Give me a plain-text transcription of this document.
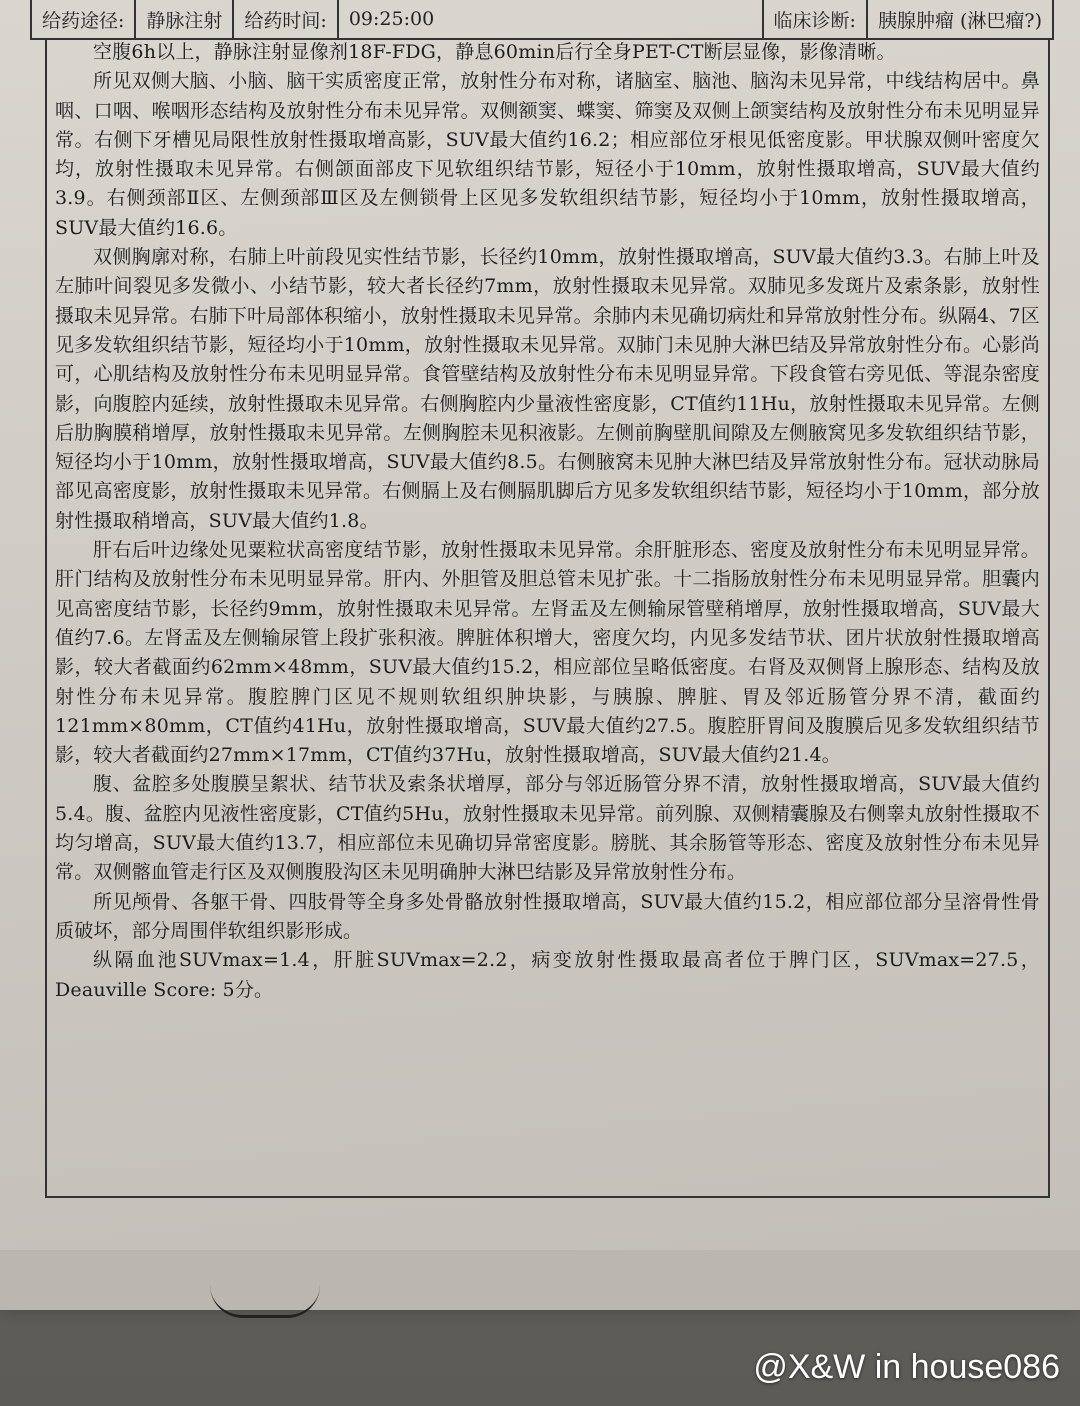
给药途径:	静脉注射	给药时间:	09:25:00	临床诊断:	胰腺肿瘤 (淋巴瘤?)

空腹6h以上，静脉注射显像剂18F-FDG，静息60min后行全身PET-CT断层显像，影像清晰。

所见双侧大脑、小脑、脑干实质密度正常，放射性分布对称，诸脑室、脑池、脑沟未见异常，中线结构居中。鼻咽、口咽、喉咽形态结构及放射性分布未见异常。双侧额窦、蝶窦、筛窦及双侧上颌窦结构及放射性分布未见明显异常。右侧下牙槽见局限性放射性摄取增高影，SUV最大值约16.2；相应部位牙根见低密度影。甲状腺双侧叶密度欠均，放射性摄取未见异常。右侧颌面部皮下见软组织结节影，短径小于10mm，放射性摄取增高，SUV最大值约3.9。右侧颈部Ⅱ区、左侧颈部Ⅲ区及左侧锁骨上区见多发软组织结节影，短径均小于10mm，放射性摄取增高，SUV最大值约16.6。

双侧胸廓对称，右肺上叶前段见实性结节影，长径约10mm，放射性摄取增高，SUV最大值约3.3。右肺上叶及左肺叶间裂见多发微小、小结节影，较大者长径约7mm，放射性摄取未见异常。双肺见多发斑片及索条影，放射性摄取未见异常。右肺下叶局部体积缩小，放射性摄取未见异常。余肺内未见确切病灶和异常放射性分布。纵隔4、7区见多发软组织结节影，短径均小于10mm，放射性摄取未见异常。双肺门未见肿大淋巴结及异常放射性分布。心影尚可，心肌结构及放射性分布未见明显异常。食管壁结构及放射性分布未见明显异常。下段食管右旁见低、等混杂密度影，向腹腔内延续，放射性摄取未见异常。右侧胸腔内少量液性密度影，CT值约11Hu，放射性摄取未见异常。左侧后肋胸膜稍增厚，放射性摄取未见异常。左侧胸腔未见积液影。左侧前胸壁肌间隙及左侧腋窝见多发软组织结节影，短径均小于10mm，放射性摄取增高，SUV最大值约8.5。右侧腋窝未见肿大淋巴结及异常放射性分布。冠状动脉局部见高密度影，放射性摄取未见异常。右侧膈上及右侧膈肌脚后方见多发软组织结节影，短径均小于10mm，部分放射性摄取稍增高，SUV最大值约1.8。

肝右后叶边缘处见粟粒状高密度结节影，放射性摄取未见异常。余肝脏形态、密度及放射性分布未见明显异常。肝门结构及放射性分布未见明显异常。肝内、外胆管及胆总管未见扩张。十二指肠放射性分布未见明显异常。胆囊内见高密度结节影，长径约9mm，放射性摄取未见异常。左肾盂及左侧输尿管壁稍增厚，放射性摄取增高，SUV最大值约7.6。左肾盂及左侧输尿管上段扩张积液。脾脏体积增大，密度欠均，内见多发结节状、团片状放射性摄取增高影，较大者截面约62mm×48mm，SUV最大值约15.2，相应部位呈略低密度。右肾及双侧肾上腺形态、结构及放射性分布未见异常。腹腔脾门区见不规则软组织肿块影，与胰腺、脾脏、胃及邻近肠管分界不清，截面约121mm×80mm，CT值约41Hu，放射性摄取增高，SUV最大值约27.5。腹腔肝胃间及腹膜后见多发软组织结节影，较大者截面约27mm×17mm，CT值约37Hu，放射性摄取增高，SUV最大值约21.4。

腹、盆腔多处腹膜呈絮状、结节状及索条状增厚，部分与邻近肠管分界不清，放射性摄取增高，SUV最大值约5.4。腹、盆腔内见液性密度影，CT值约5Hu，放射性摄取未见异常。前列腺、双侧精囊腺及右侧睾丸放射性摄取不均匀增高，SUV最大值约13.7，相应部位未见确切异常密度影。膀胱、其余肠管等形态、密度及放射性分布未见异常。双侧髂血管走行区及双侧腹股沟区未见明确肿大淋巴结影及异常放射性分布。

所见颅骨、各躯干骨、四肢骨等全身多处骨骼放射性摄取增高，SUV最大值约15.2，相应部位部分呈溶骨性骨质破坏，部分周围伴软组织影形成。

纵隔血池SUVmax=1.4，肝脏SUVmax=2.2，病变放射性摄取最高者位于脾门区，SUVmax=27.5，Deauville Score: 5分。

@X&W in house086
